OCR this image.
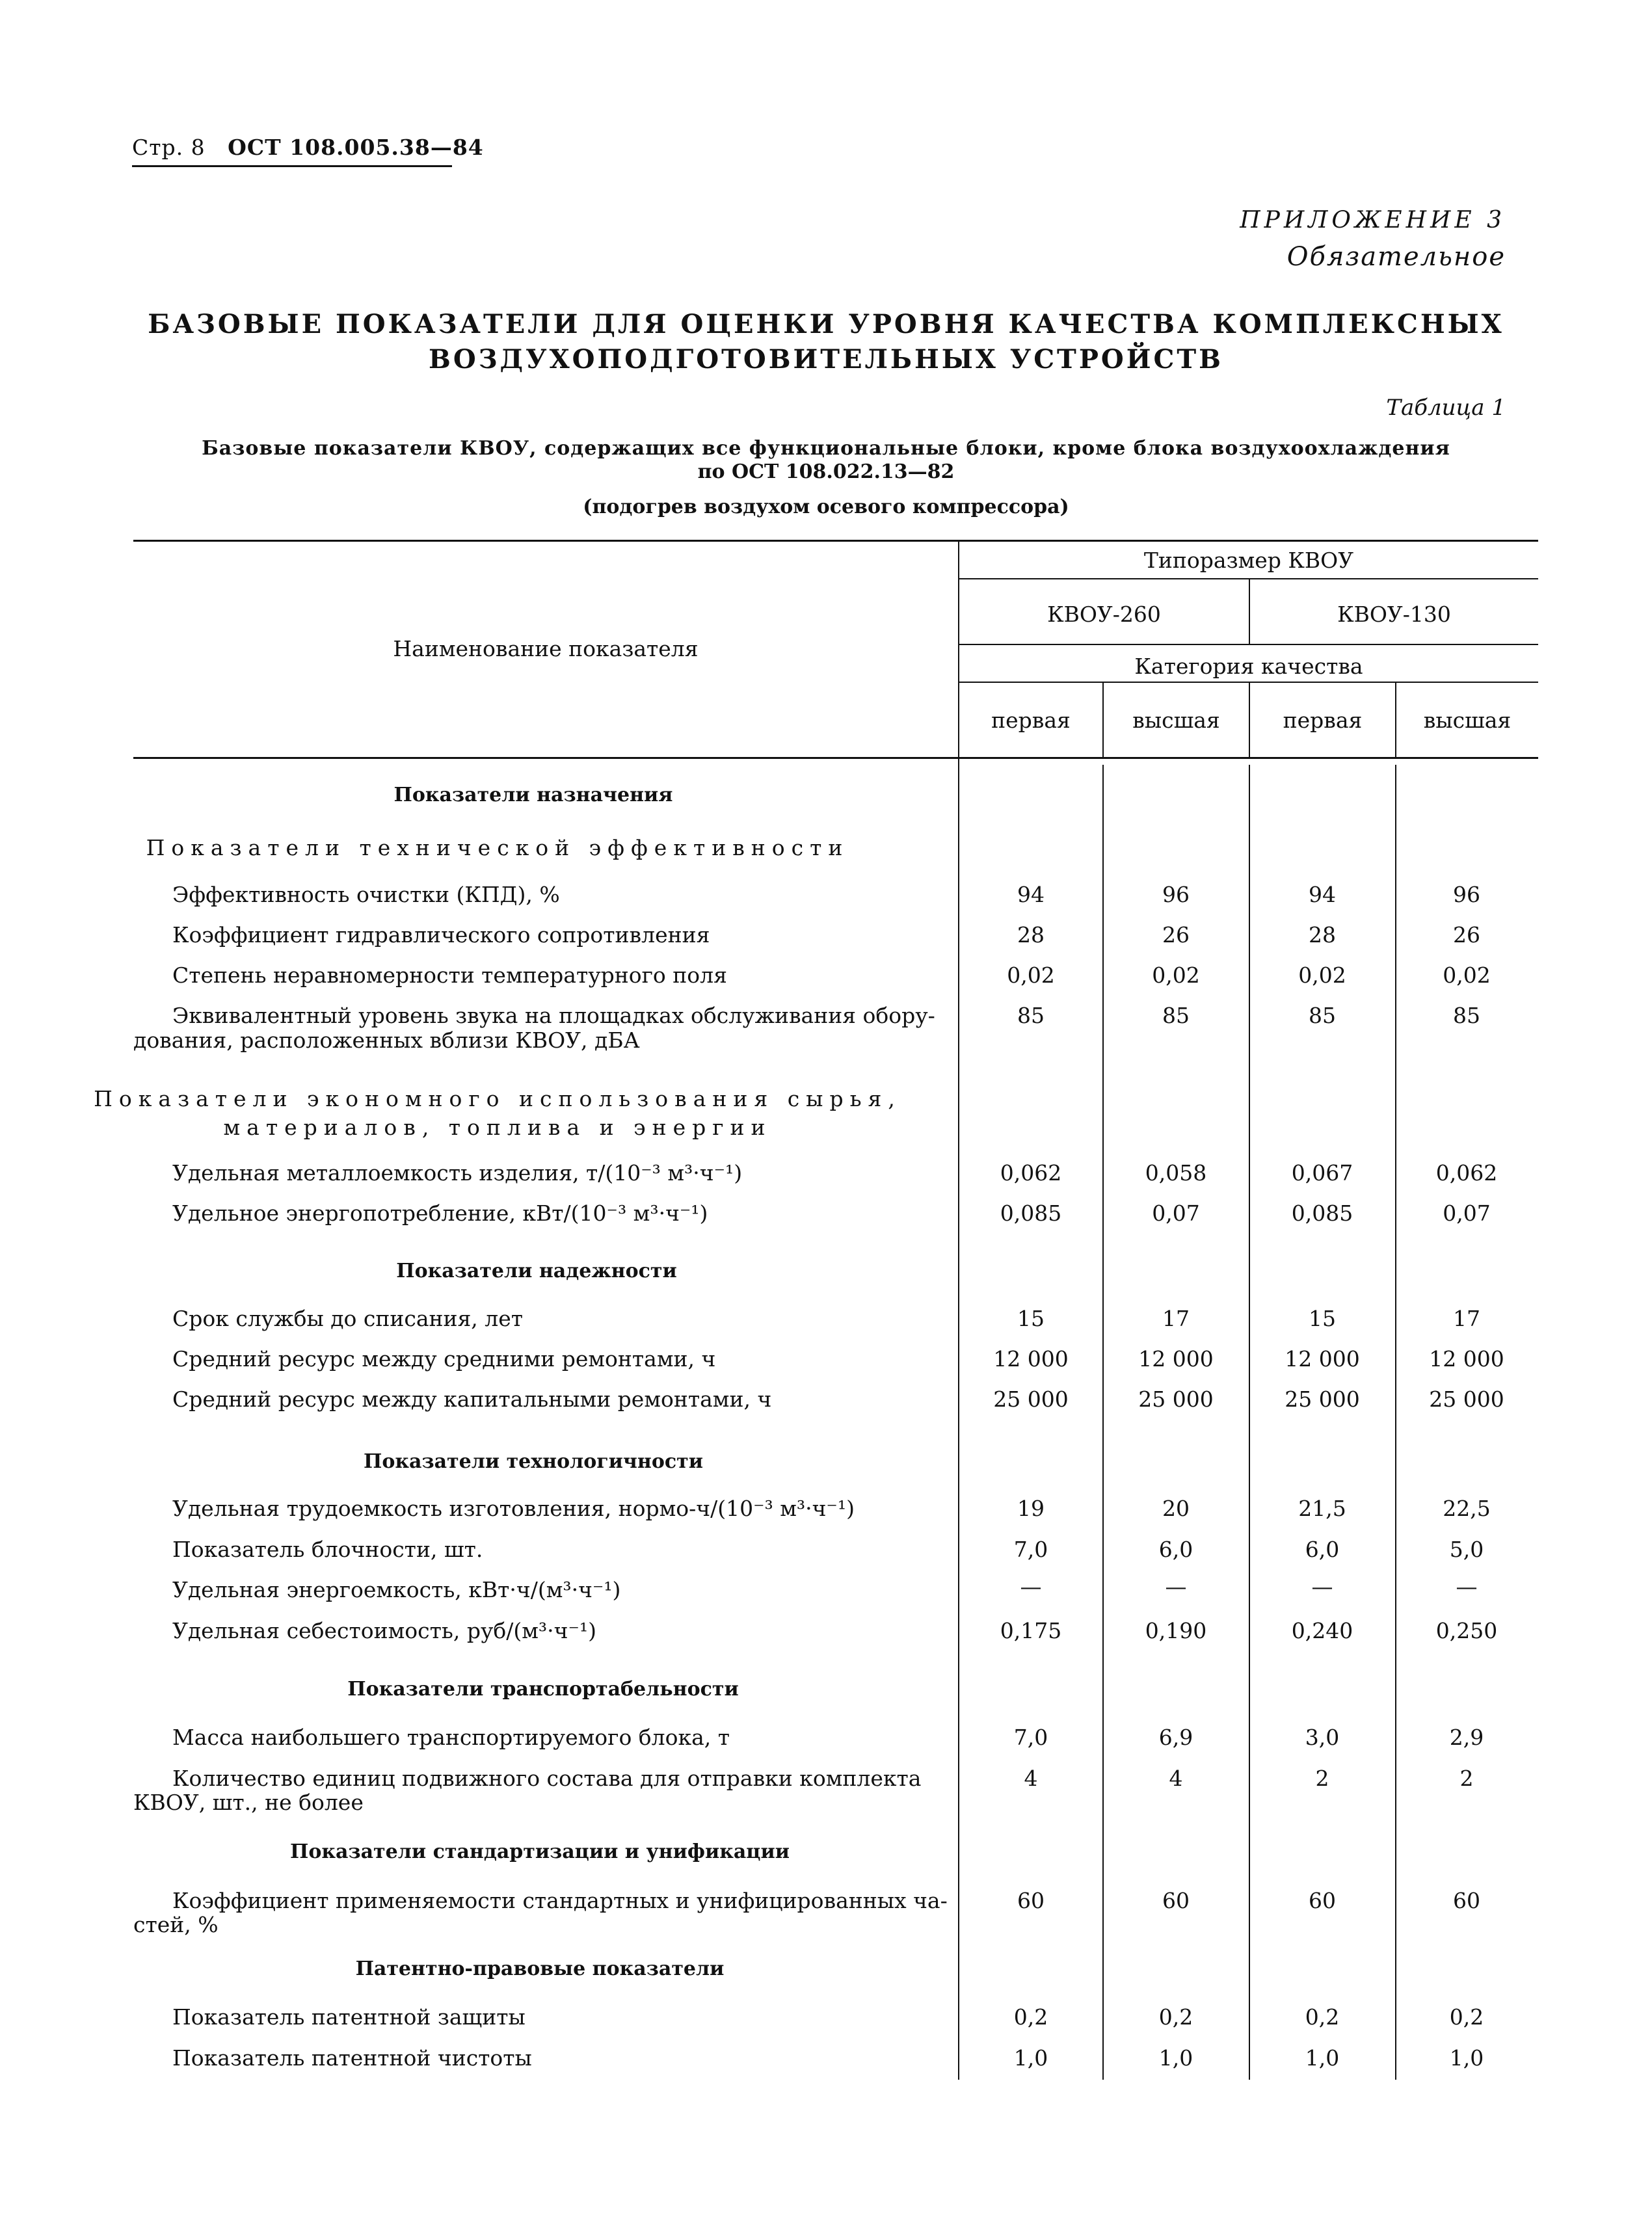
Стр. 8 ОСТ 108.005.38—84
ПРИЛОЖЕНИЕ 3
Обязательное
БАЗОВЫЕ ПОКАЗАТЕЛИ ДЛЯ ОЦЕНКИ УРОВНЯ КАЧЕСТВА КОМПЛЕКСНЫХ
ВОЗДУХОПОДГОТОВИТЕЛЬНЫХ УСТРОЙСТВ
Таблица 1
Базовые показатели КВОУ, содержащих все функциональные блоки, кроме блока воздухоохлаждения
по ОСТ 108.022.13—82
(подогрев воздухом осевого компрессора)
Наименование показателя
Типоразмер КВОУ
КВОУ-260	КВОУ-130
Категория качества
первая	высшая	первая	высшая
Показатели назначения
Показатели технической эффективности
Эффективность очистки (КПД), %	94	96	94	96
Коэффициент гидравлического сопротивления	28	26	28	26
Степень неравномерности температурного поля	0,02	0,02	0,02	0,02
Эквивалентный уровень звука на площадках обслуживания обору-
дования, расположенных вблизи КВОУ, дБА
85	85	85	85
Показатели экономного использования сырья,
материалов, топлива и энергии
Удельная металлоемкость изделия, т/(10⁻³ м³·ч⁻¹)	0,062	0,058	0,067	0,062
Удельное энергопотребление, кВт/(10⁻³ м³·ч⁻¹)	0,085	0,07	0,085	0,07
Показатели надежности
Срок службы до списания, лет	15	17	15	17
Средний ресурс между средними ремонтами, ч	12 000	12 000	12 000	12 000
Средний ресурс между капитальными ремонтами, ч	25 000	25 000	25 000	25 000
Показатели технологичности
Удельная трудоемкость изготовления, нормо-ч/(10⁻³ м³·ч⁻¹)	19	20	21,5	22,5
Показатель блочности, шт.	7,0	6,0	6,0	5,0
Удельная энергоемкость, кВт·ч/(м³·ч⁻¹)	—	—	—	—
Удельная себестоимость, руб/(м³·ч⁻¹)	0,175	0,190	0,240	0,250
Показатели транспортабельности
Масса наибольшего транспортируемого блока, т	7,0	6,9	3,0	2,9
Количество единиц подвижного состава для отправки комплекта
КВОУ, шт., не более
4	4	2	2
Показатели стандартизации и унификации
Коэффициент применяемости стандартных и унифицированных ча-
стей, %
60	60	60	60
Патентно-правовые показатели
Показатель патентной защиты	0,2	0,2	0,2	0,2
Показатель патентной чистоты	1,0	1,0	1,0	1,0
